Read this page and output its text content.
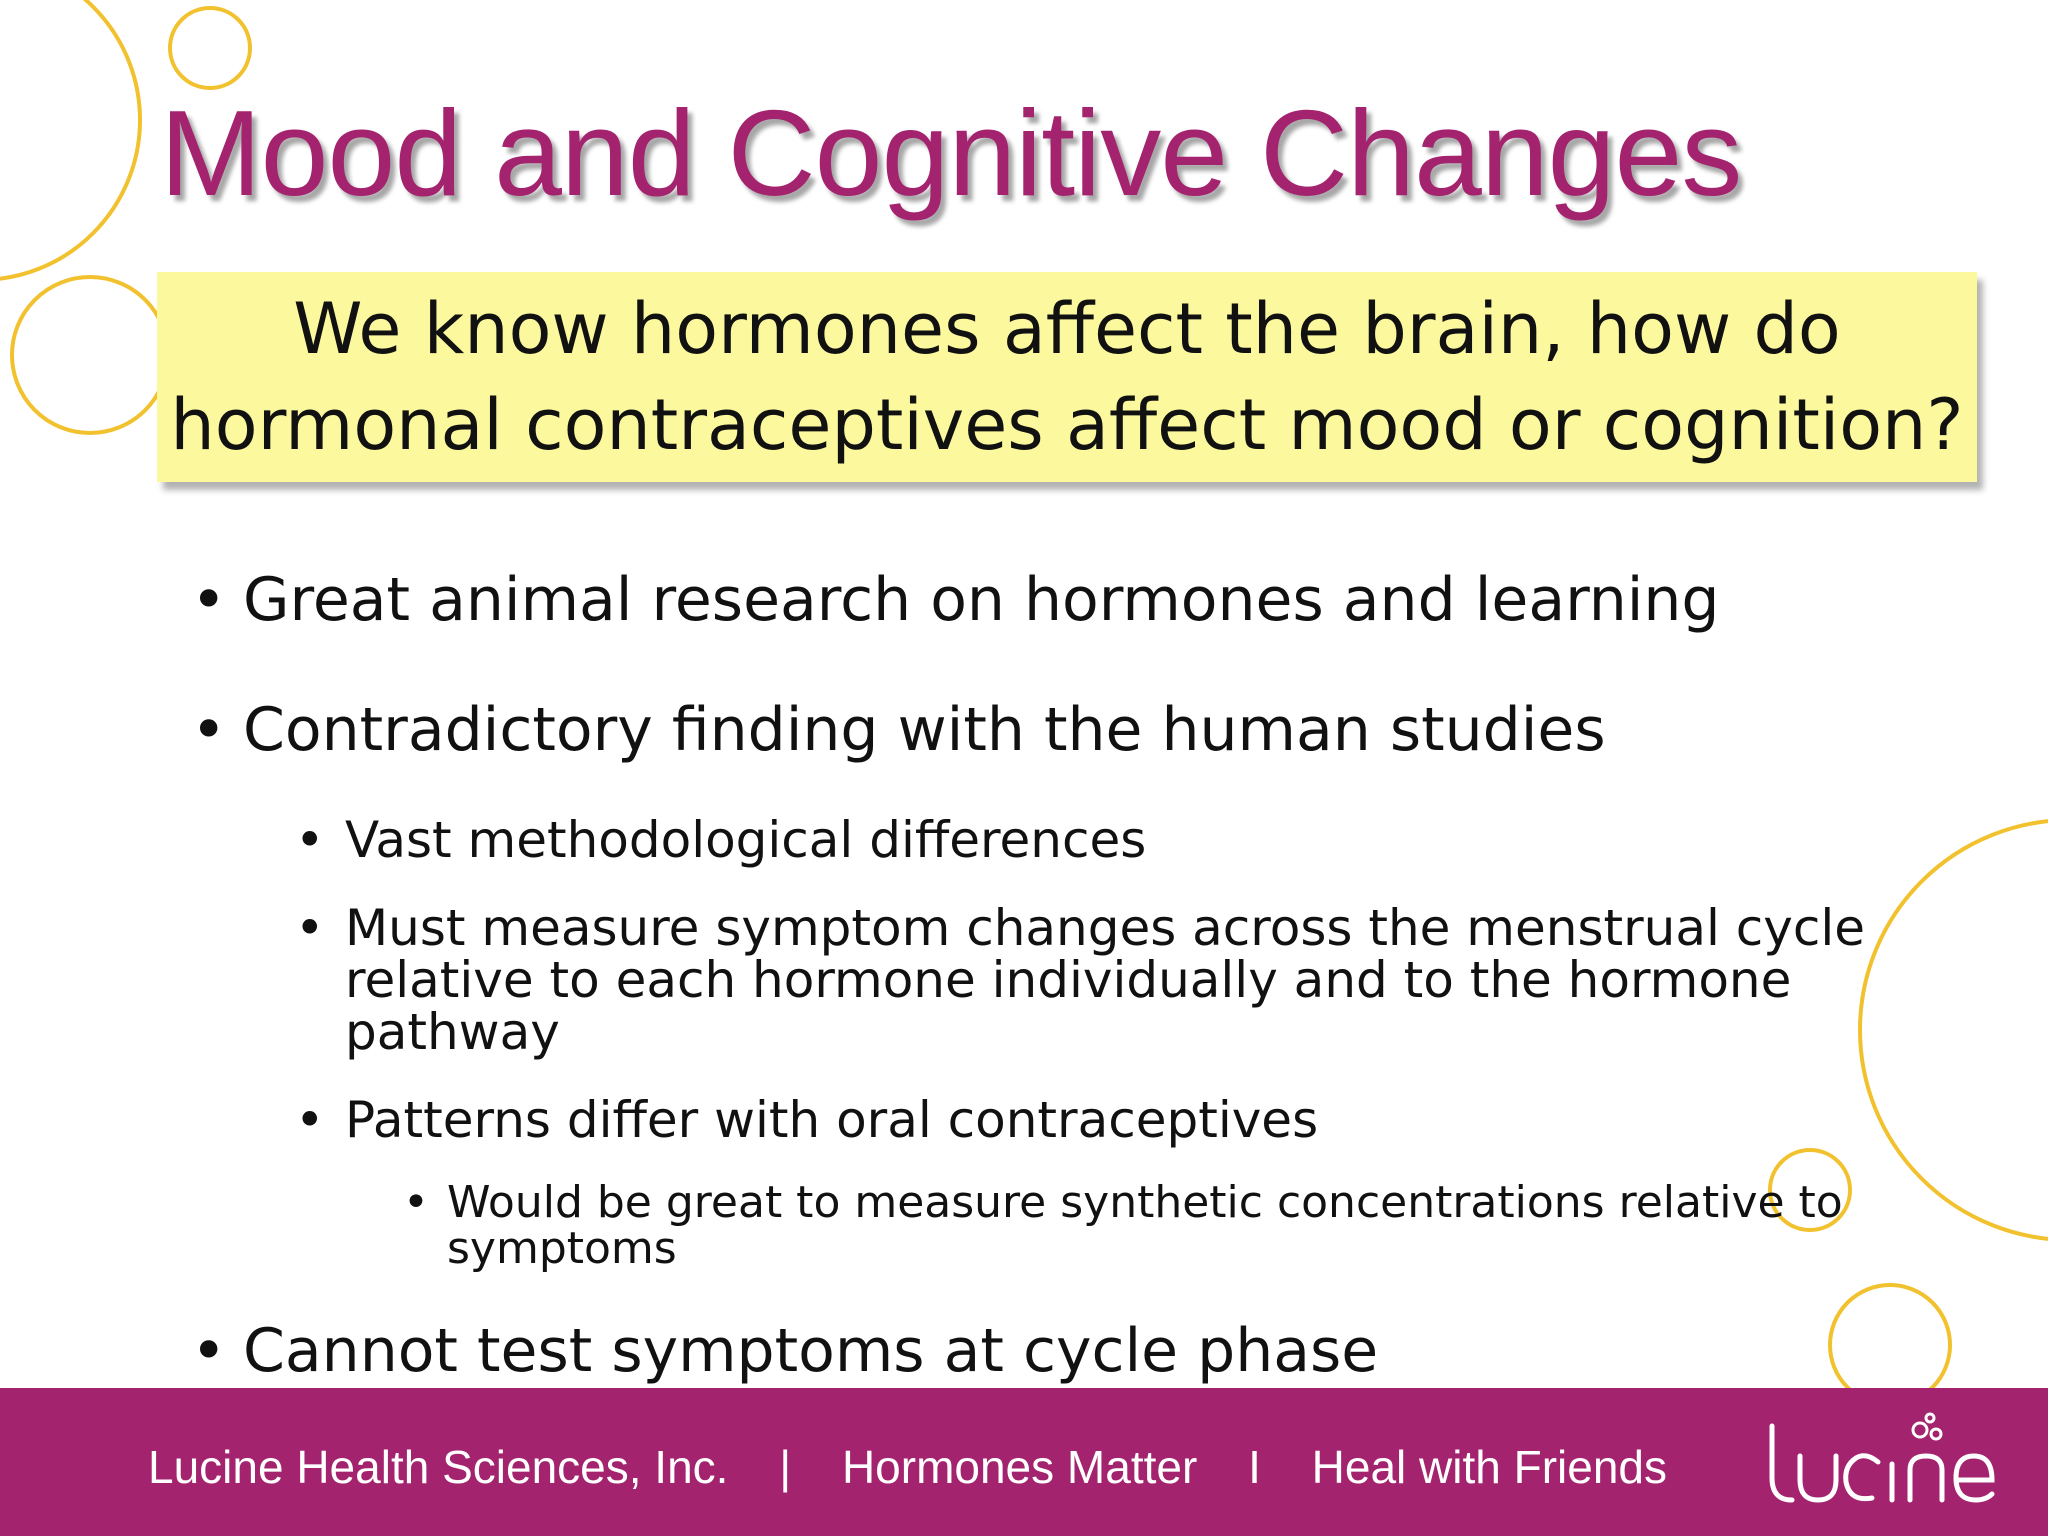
Mood and Cognitive Changes
We know hormones affect the brain, how do hormonal contraceptives affect mood or cognition?

• Great animal research on hormones and learning

• Contradictory finding with the human studies

• Vast methodological differences

• Must measure symptom changes across the menstrual cycle
relative to each hormone individually and to the hormone
pathway

• Patterns differ with oral contraceptives

• Would be great to measure synthetic concentrations relative to
symptoms

• Cannot test symptoms at cycle phase

Lucine Health Sciences, Inc. | Hormones Matter I Heal with Friends
